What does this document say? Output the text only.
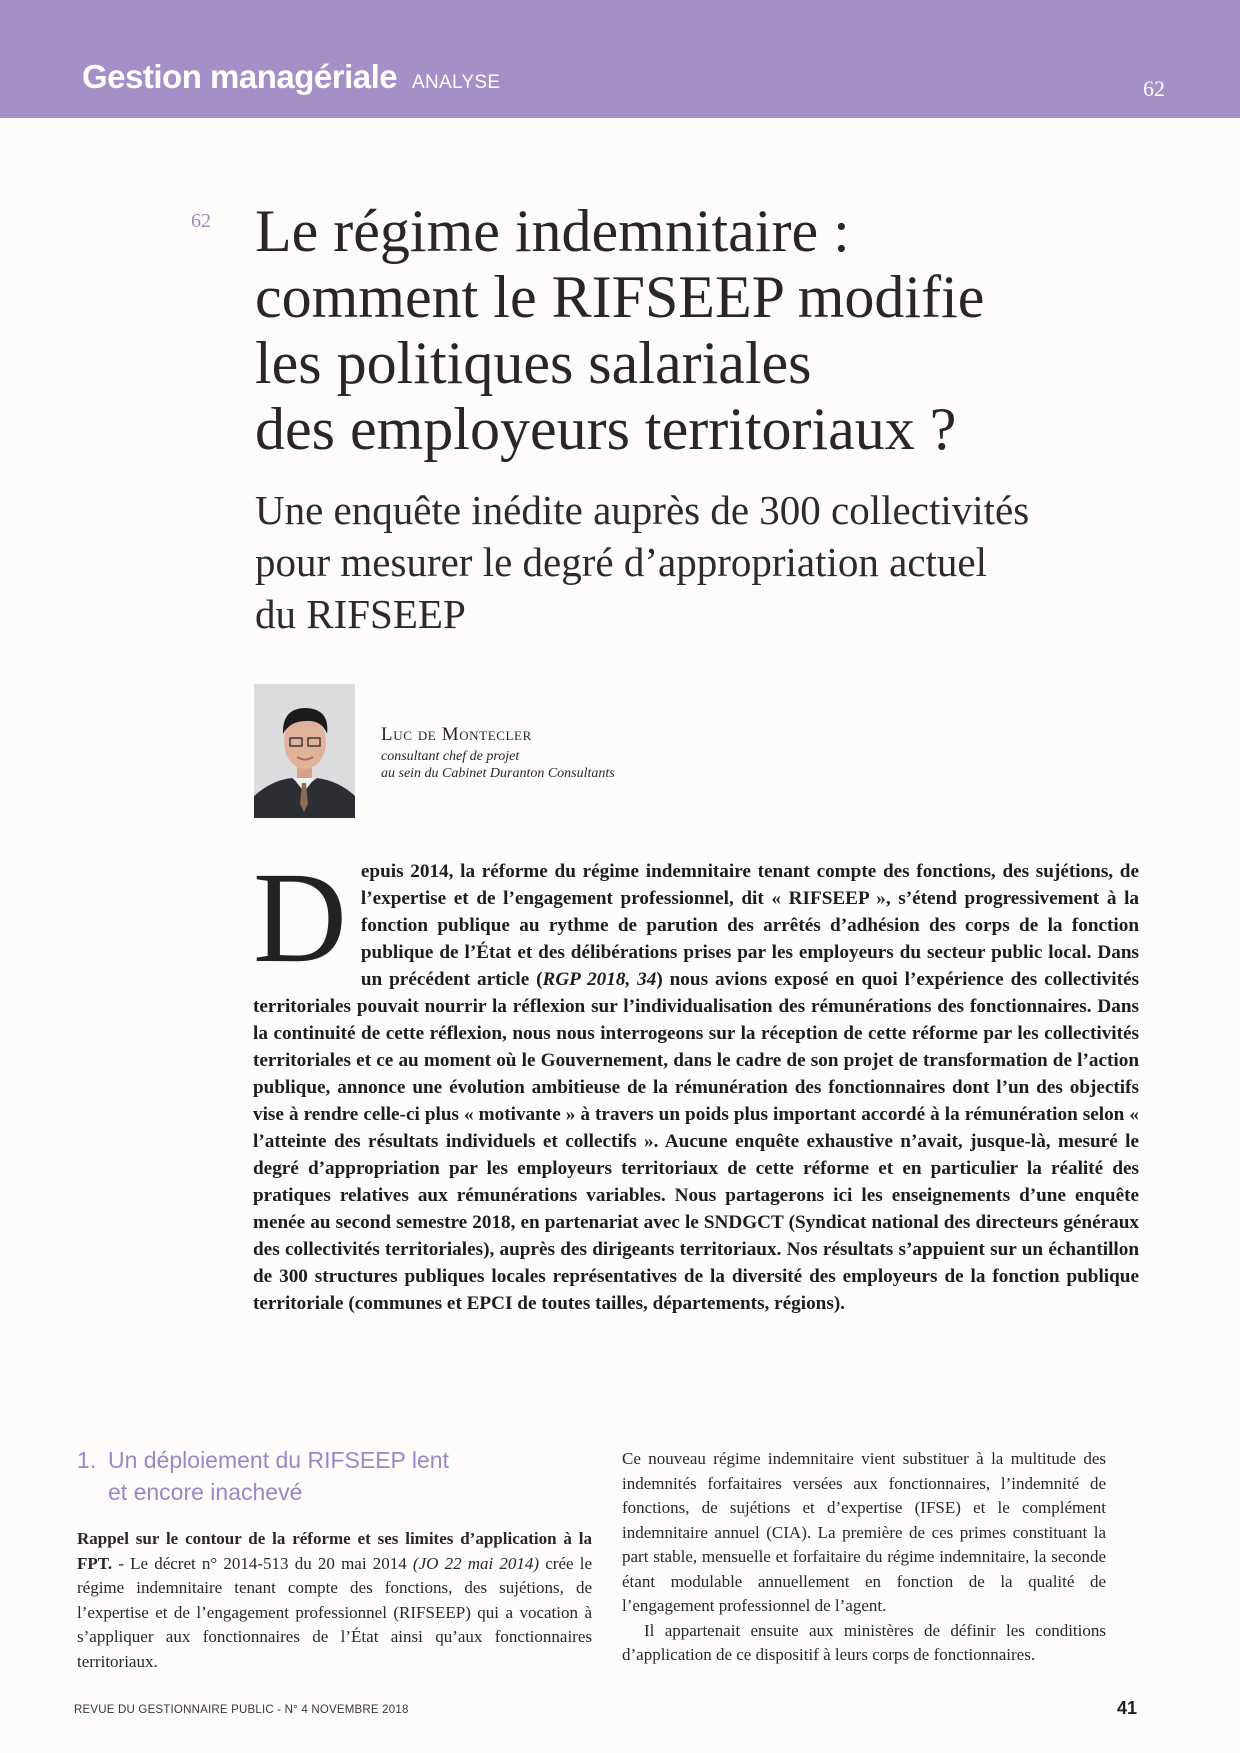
Gestion managériale ANALYSE	62
62 Le régime indemnitaire :
comment le RIFSEEP modifie
les politiques salariales
des employeurs territoriaux ?
Une enquête inédite auprès de 300 collectivités
pour mesurer le degré d’appropriation actuel
du RIFSEEP
Luc de Montecler
consultant chef de projet
au sein du Cabinet Duranton Consultants
Depuis 2014, la réforme du régime indemnitaire tenant compte des fonctions, des sujétions, de l’expertise et de l’engagement professionnel, dit « RIFSEEP », s’étend progressivement à la fonction publique au rythme de parution des arrêtés d’adhésion des corps de la fonction publique de l’État et des délibérations prises par les employeurs du secteur public local. Dans un précédent article (RGP 2018, 34) nous avions exposé en quoi l’expérience des collectivités territoriales pouvait nourrir la réflexion sur l’individualisation des rémunérations des fonctionnaires. Dans la continuité de cette réflexion, nous nous interrogeons sur la réception de cette réforme par les collectivités territoriales et ce au moment où le Gouvernement, dans le cadre de son projet de transformation de l’action publique, annonce une évolution ambitieuse de la rémunération des fonctionnaires dont l’un des objectifs vise à rendre celle-ci plus « motivante » à travers un poids plus important accordé à la rémunération selon « l’atteinte des résultats individuels et collectifs ». Aucune enquête exhaustive n’avait, jusque-là, mesuré le degré d’appropriation par les employeurs territoriaux de cette réforme et en particulier la réalité des pratiques relatives aux rémunérations variables. Nous partagerons ici les enseignements d’une enquête menée au second semestre 2018, en partenariat avec le SNDGCT (Syndicat national des directeurs généraux des collectivités territoriales), auprès des dirigeants territoriaux. Nos résultats s’appuient sur un échantillon de 300 structures publiques locales représentatives de la diversité des employeurs de la fonction publique territoriale (communes et EPCI de toutes tailles, départements, régions).
1. Un déploiement du RIFSEEP lent
et encore inachevé
Rappel sur le contour de la réforme et ses limites d’application à la FPT. - Le décret n° 2014-513 du 20 mai 2014 (JO 22 mai 2014) crée le régime indemnitaire tenant compte des fonctions, des sujétions, de l’expertise et de l’engagement professionnel (RIFSEEP) qui a vocation à s’appliquer aux fonctionnaires de l’État ainsi qu’aux fonctionnaires territoriaux.

Ce nouveau régime indemnitaire vient substituer à la multitude des indemnités forfaitaires versées aux fonctionnaires, l’indemnité de fonctions, de sujétions et d’expertise (IFSE) et le complément indemnitaire annuel (CIA). La première de ces primes constituant la part stable, mensuelle et forfaitaire du régime indemnitaire, la seconde étant modulable annuellement en fonction de la qualité de l’engagement professionnel de l’agent.

Il appartenait ensuite aux ministères de définir les conditions d’application de ce dispositif à leurs corps de fonctionnaires.

REVUE DU GESTIONNAIRE PUBLIC - N° 4 NOVEMBRE 2018	41
